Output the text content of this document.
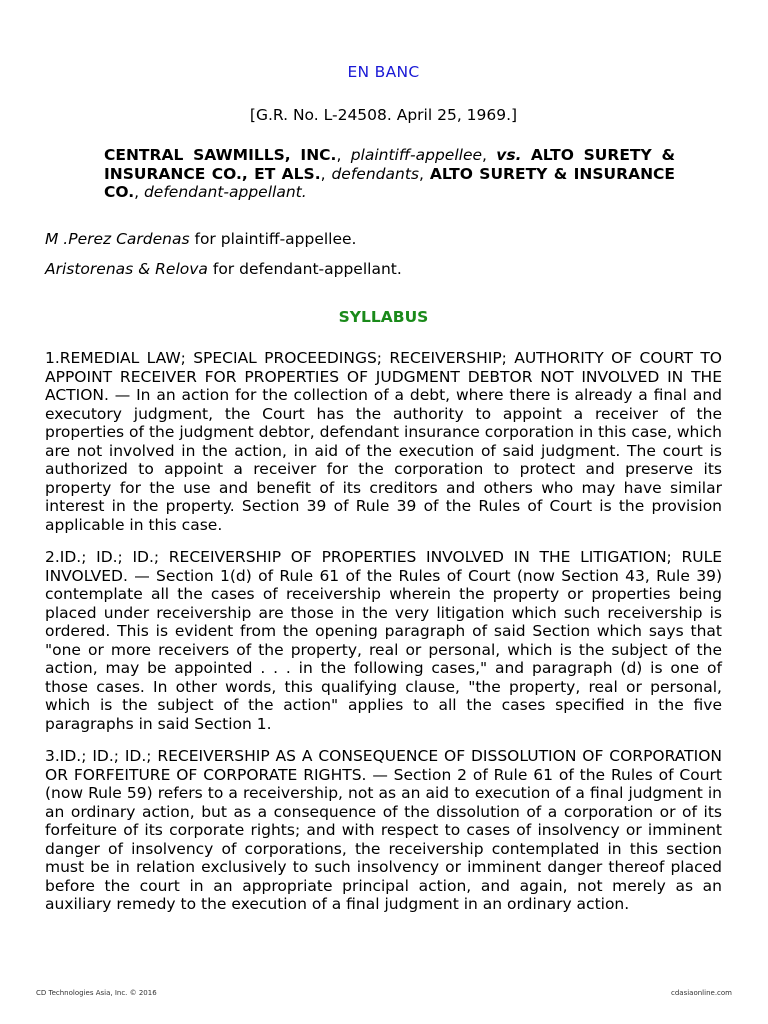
EN BANC
[G.R. No. L-24508. April 25, 1969.]
CENTRAL SAWMILLS, INC., plaintiff-appellee, vs. ALTO SURETY & INSURANCE CO., ET ALS., defendants, ALTO SURETY & INSURANCE CO., defendant-appellant.
M .Perez Cardenas for plaintiff-appellee.
Aristorenas & Relova for defendant-appellant.
SYLLABUS
1.REMEDIAL LAW; SPECIAL PROCEEDINGS; RECEIVERSHIP; AUTHORITY OF COURT TO APPOINT RECEIVER FOR PROPERTIES OF JUDGMENT DEBTOR NOT INVOLVED IN THE ACTION. — In an action for the collection of a debt, where there is already a final and executory judgment, the Court has the authority to appoint a receiver of the properties of the judgment debtor, defendant insurance corporation in this case, which are not involved in the action, in aid of the execution of said judgment. The court is authorized to appoint a receiver for the corporation to protect and preserve its property for the use and benefit of its creditors and others who may have similar interest in the property. Section 39 of Rule 39 of the Rules of Court is the provision applicable in this case.
2.ID.; ID.; ID.; RECEIVERSHIP OF PROPERTIES INVOLVED IN THE LITIGATION; RULE INVOLVED. — Section 1(d) of Rule 61 of the Rules of Court (now Section 43, Rule 39) contemplate all the cases of receivership wherein the property or properties being placed under receivership are those in the very litigation which such receivership is ordered. This is evident from the opening paragraph of said Section which says that "one or more receivers of the property, real or personal, which is the subject of the action, may be appointed . . . in the following cases," and paragraph (d) is one of those cases. In other words, this qualifying clause, "the property, real or personal, which is the subject of the action" applies to all the cases specified in the five paragraphs in said Section 1.
3.ID.; ID.; ID.; RECEIVERSHIP AS A CONSEQUENCE OF DISSOLUTION OF CORPORATION OR FORFEITURE OF CORPORATE RIGHTS. — Section 2 of Rule 61 of the Rules of Court (now Rule 59) refers to a receivership, not as an aid to execution of a final judgment in an ordinary action, but as a consequence of the dissolution of a corporation or of its forfeiture of its corporate rights; and with respect to cases of insolvency or imminent danger of insolvency of corporations, the receivership contemplated in this section must be in relation exclusively to such insolvency or imminent danger thereof placed before the court in an appropriate principal action, and again, not merely as an auxiliary remedy to the execution of a final judgment in an ordinary action.
CD Technologies Asia, Inc. © 2016	cdasiaonline.com
